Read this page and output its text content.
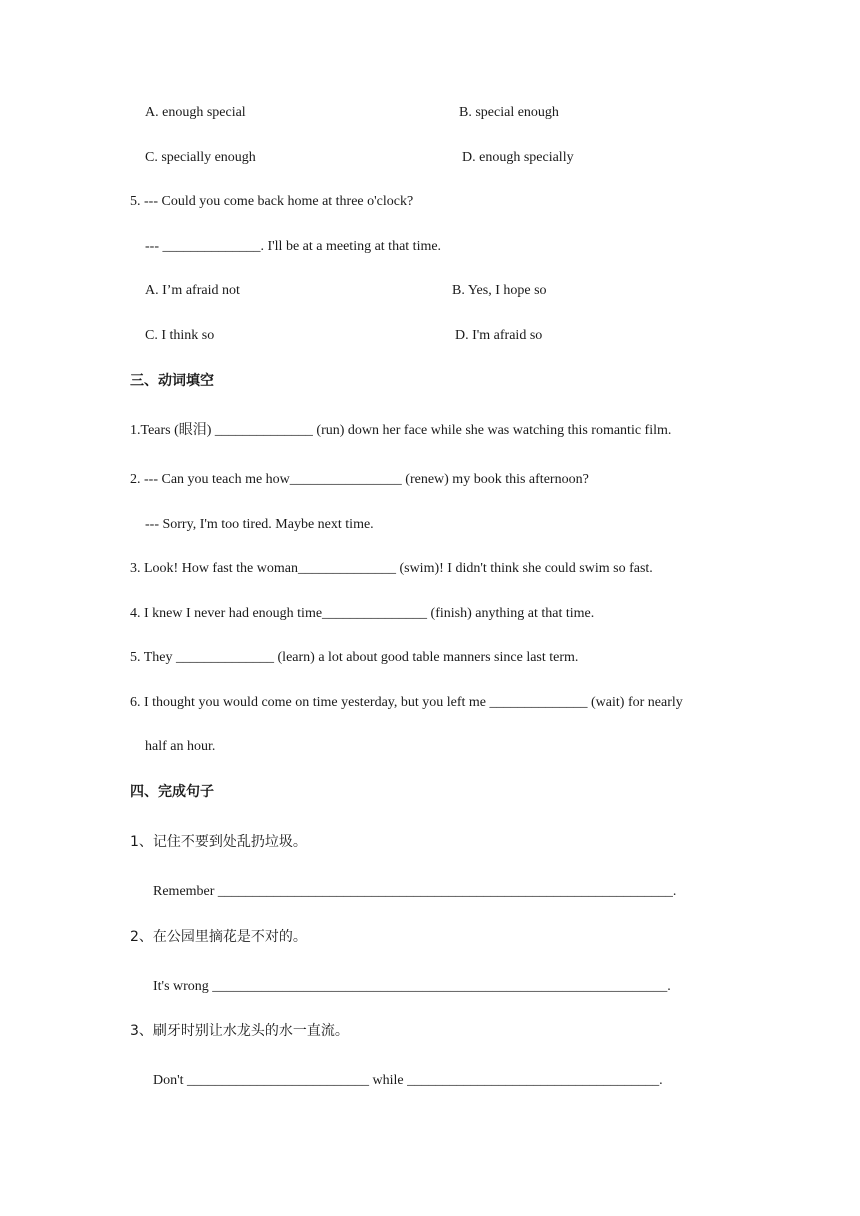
A. enough special	B. special enough
C. specially enough	D. enough specially
5. --- Could you come back home at three o'clock?
--- ______________. I'll be at a meeting at that time.
A. I’m afraid not	B. Yes, I hope so
C. I think so	D. I'm afraid so
三、动词填空
1.Tears (眼泪) ______________ (run) down her face while she was watching this romantic film.
2. --- Can you teach me how________________ (renew) my book this afternoon?
--- Sorry, I'm too tired. Maybe next time.
3. Look! How fast the woman______________ (swim)! I didn't think she could swim so fast.
4. I knew I never had enough time_______________ (finish) anything at that time.
5. They ______________ (learn) a lot about good table manners since last term.
6. I thought you would come on time yesterday, but you left me ______________ (wait) for nearly
half an hour.
四、完成句子
1、记住不要到处乱扔垃圾。
Remember _________________________________________________________________.
2、在公园里摘花是不对的。
It's wrong _________________________________________________________________.
3、刷牙时别让水龙头的水一直流。
Don't __________________________ while ____________________________________.
